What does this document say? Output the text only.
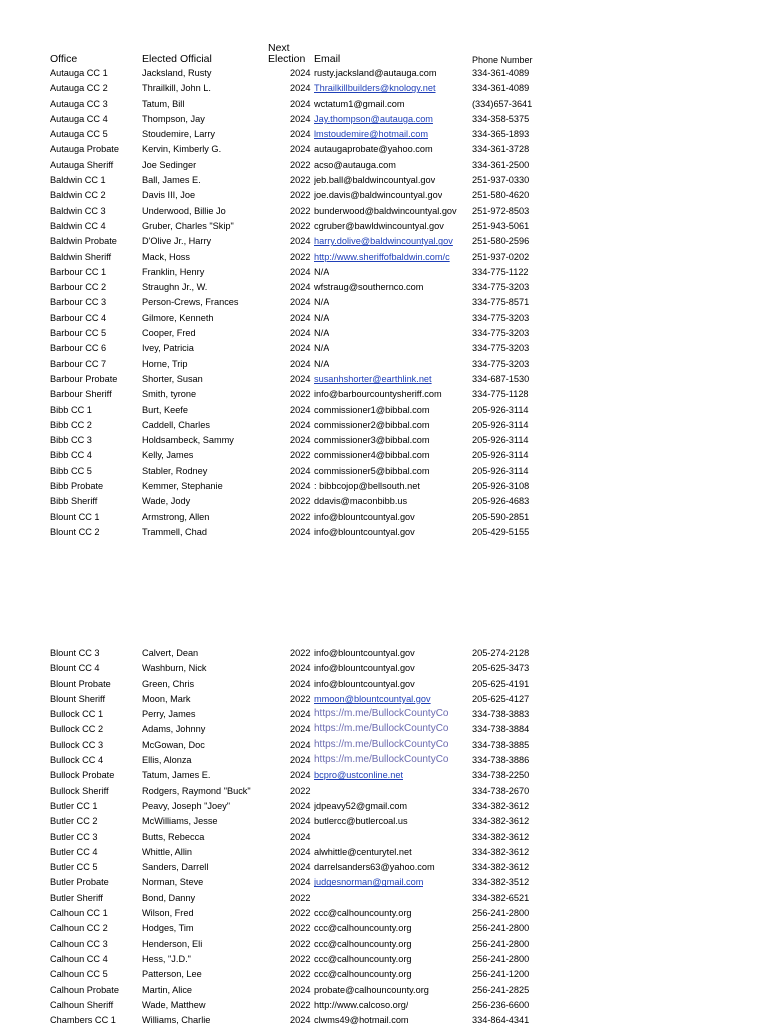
Office	Elected Official
Next
Election Email	Phone Number
Autauga CC 1	Jacksland, Rusty	2024 rusty.jacksland@autauga.com	334-361-4089
Autauga CC 2	Thrailkill, John L.	2024 Thrailkillbuilders@knology.net	334-361-4089
Autauga CC 3	Tatum, Bill	2024 wctatum1@gmail.com	(334)657-3641
Autauga CC 4	Thompson, Jay	2024 Jay.thompson@autauga.com	334-358-5375
Autauga CC 5	Stoudemire, Larry	2024 lmstoudemire@hotmail.com	334-365-1893
Autauga Probate	Kervin, Kimberly G.	2024 autaugaprobate@yahoo.com	334-361-3728
Autauga Sheriff	Joe Sedinger	2022 acso@autauga.com	334-361-2500
Baldwin CC 1	Ball, James E.	2022 jeb.ball@baldwincountyal.gov	251-937-0330
Baldwin CC 2	Davis III, Joe	2022 joe.davis@baldwincountyal.gov	251-580-4620
Baldwin CC 3	Underwood, Billie Jo	2022 bunderwood@baldwincountyal.gov 251-972-8503
Baldwin CC 4	Gruber, Charles "Skip"	2022 cgruber@bawldwincountyal.gov	251-943-5061
Baldwin Probate	D'Olive Jr., Harry	2024 harry.dolive@baldwincountyal.gov 251-580-2596
Baldwin Sheriff	Mack, Hoss	2022 http://www.sheriffofbaldwin.com/c 251-937-0202
Barbour CC 1	Franklin, Henry	2024 N/A	334-775-1122
Barbour CC 2	Straughn Jr., W.	2024 wfstraug@southernco.com	334-775-3203
Barbour CC 3	Person-Crews, Frances	2024 N/A	334-775-8571
Barbour CC 4	Gilmore, Kenneth	2024 N/A	334-775-3203
Barbour CC 5	Cooper, Fred	2024 N/A	334-775-3203
Barbour CC 6	Ivey, Patricia	2024 N/A	334-775-3203
Barbour CC 7	Horne, Trip	2024 N/A	334-775-3203
Barbour Probate	Shorter, Susan	2024 susanhshorter@earthlink.net	334-687-1530
Barbour Sheriff	Smith, tyrone	2022 info@barbourcountysheriff.com	334-775-1128
Bibb CC 1	Burt, Keefe	2024 commissioner1@bibbal.com	205-926-3114
Bibb CC 2	Caddell, Charles	2024 commissioner2@bibbal.com	205-926-3114
Bibb CC 3	Holdsambeck, Sammy	2024 commissioner3@bibbal.com	205-926-3114
Bibb CC 4	Kelly, James	2022 commissioner4@bibbal.com	205-926-3114
Bibb CC 5	Stabler, Rodney	2024 commissioner5@bibbal.com	205-926-3114
Bibb Probate	Kemmer, Stephanie	2024 : bibbcojop@bellsouth.net	205-926-3108
Bibb Sheriff	Wade, Jody	2022 ddavis@maconbibb.us	205-926-4683
Blount CC 1	Armstrong, Allen	2022 info@blountcountyal.gov	205-590-2851
Blount CC 2	Trammell, Chad	2024 info@blountcountyal.gov	205-429-5155
Blount CC 3	Calvert, Dean	2022 info@blountcountyal.gov	205-274-2128
Blount CC 4	Washburn, Nick	2024 info@blountcountyal.gov	205-625-3473
Blount Probate	Green, Chris	2024 info@blountcountyal.gov	205-625-4191
Blount Sheriff	Moon, Mark	2022 mmoon@blountcountyal.gov	205-625-4127
Bullock CC 1	Perry, James	2024 https://m.me/BullockCountyCo	334-738-3883
Bullock CC 2	Adams, Johnny	2024 https://m.me/BullockCountyCo	334-738-3884
Bullock CC 3	McGowan, Doc	2024 https://m.me/BullockCountyCo	334-738-3885
Bullock CC 4	Ellis, Alonza	2024 https://m.me/BullockCountyCo	334-738-3886
Bullock Probate	Tatum, James E.	2024 bcpro@ustconline.net	334-738-2250
Bullock Sheriff	Rodgers, Raymond "Buck"	2022	334-738-2670
Butler CC 1	Peavy, Joseph "Joey"	2024 jdpeavy52@gmail.com	334-382-3612
Butler CC 2	McWilliams, Jesse	2024 butlercc@butlercoal.us	334-382-3612
Butler CC 3	Butts, Rebecca	2024	334-382-3612
Butler CC 4	Whittle, Allin	2024 alwhittle@centurytel.net	334-382-3612
Butler CC 5	Sanders, Darrell	2024 darrelsanders63@yahoo.com	334-382-3612
Butler Probate	Norman, Steve	2024 judgesnorman@gmail.com	334-382-3512
Butler Sheriff	Bond, Danny	2022	334-382-6521
Calhoun CC 1	Wilson, Fred	2022 ccc@calhouncounty.org	256-241-2800
Calhoun CC 2	Hodges, Tim	2022 ccc@calhouncounty.org	256-241-2800
Calhoun CC 3	Henderson, Eli	2022 ccc@calhouncounty.org	256-241-2800
Calhoun CC 4	Hess, "J.D."	2022 ccc@calhouncounty.org	256-241-2800
Calhoun CC 5	Patterson, Lee	2022 ccc@calhouncounty.org	256-241-1200
Calhoun Probate	Martin, Alice	2024 probate@calhouncounty.org	256-241-2825
Calhoun Sheriff	Wade, Matthew	2022 http://www.calcoso.org/	256-236-6600
Chambers CC 1	Williams, Charlie	2024 clwms49@hotmail.com	334-864-4341
